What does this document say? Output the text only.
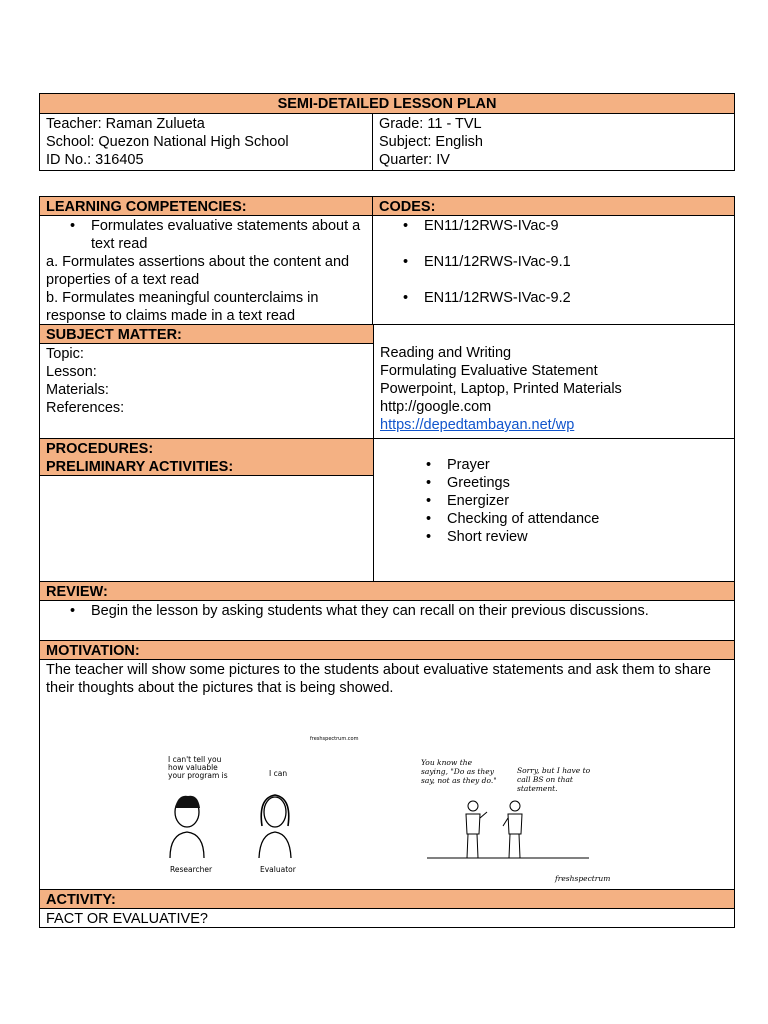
SEMI-DETAILED LESSON PLAN
Teacher: Raman Zulueta
School: Quezon National High School
ID No.: 316405
Grade: 11 - TVL
Subject: English
Quarter: IV
LEARNING COMPETENCIES:	CODES:
• Formulates evaluative statements about a text read
a. Formulates assertions about the content and properties of a text read
b. Formulates meaningful counterclaims in response to claims made in a text read
• EN11/12RWS-IVac-9
• EN11/12RWS-IVac-9.1
• EN11/12RWS-IVac-9.2
SUBJECT MATTER:
Topic:
Lesson:
Materials:
References:
Reading and Writing
Formulating Evaluative Statement
Powerpoint, Laptop, Printed Materials
http://google.com
https://depedtambayan.net/wp
PROCEDURES:
PRELIMINARY ACTIVITIES:
•	Prayer
• Greetings
• Energizer
• Checking of attendance
• Short review
REVIEW:
• Begin the lesson by asking students what they can recall on their previous discussions.
MOTIVATION:
The teacher will show some pictures to the students about evaluative statements and ask them to share their thoughts about the pictures that is being showed.
freshspectrum.com
I can't tell you how valuable your program is	I can
Researcher	Evaluator
You know the saying, "Do as they say, not as they do."
Sorry, but I have to call BS on that statement.
freshspectrum
ACTIVITY:
FACT OR EVALUATIVE?
